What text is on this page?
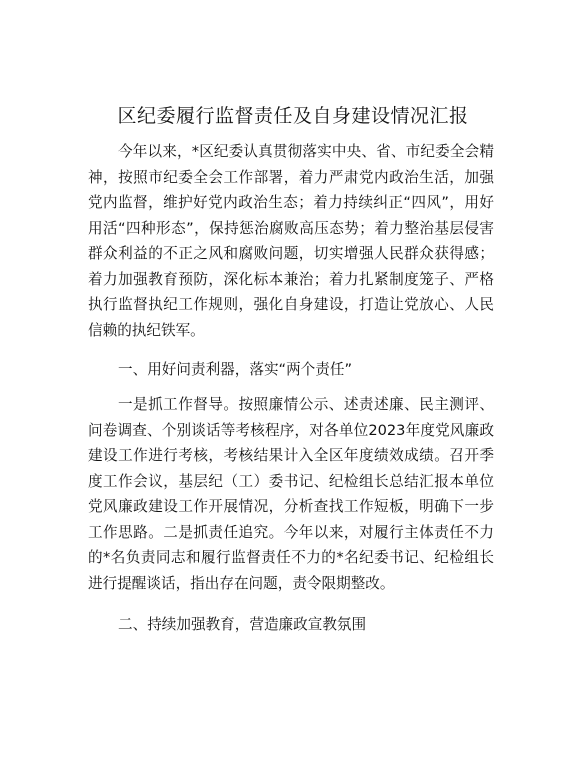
区纪委履行监督责任及自身建设情况汇报

今年以来，*区纪委认真贯彻落实中央、省、市纪委全会精神，按照市纪委全会工作部署，着力严肃党内政治生活，加强党内监督，维护好党内政治生态；着力持续纠正“四风”，用好用活“四种形态”，保持惩治腐败高压态势；着力整治基层侵害群众利益的不正之风和腐败问题，切实增强人民群众获得感；着力加强教育预防，深化标本兼治；着力扎紧制度笼子、严格执行监督执纪工作规则，强化自身建设，打造让党放心、人民信赖的执纪铁军。

一、用好问责利器，落实“两个责任”

一是抓工作督导。按照廉情公示、述责述廉、民主测评、问卷调查、个别谈话等考核程序，对各单位2023年度党风廉政建设工作进行考核，考核结果计入全区年度绩效成绩。召开季度工作会议，基层纪（工）委书记、纪检组长总结汇报本单位党风廉政建设工作开展情况，分析查找工作短板，明确下一步工作思路。二是抓责任追究。今年以来，对履行主体责任不力的*名负责同志和履行监督责任不力的*名纪委书记、纪检组长进行提醒谈话，指出存在问题，责令限期整改。

二、持续加强教育，营造廉政宣教氛围
